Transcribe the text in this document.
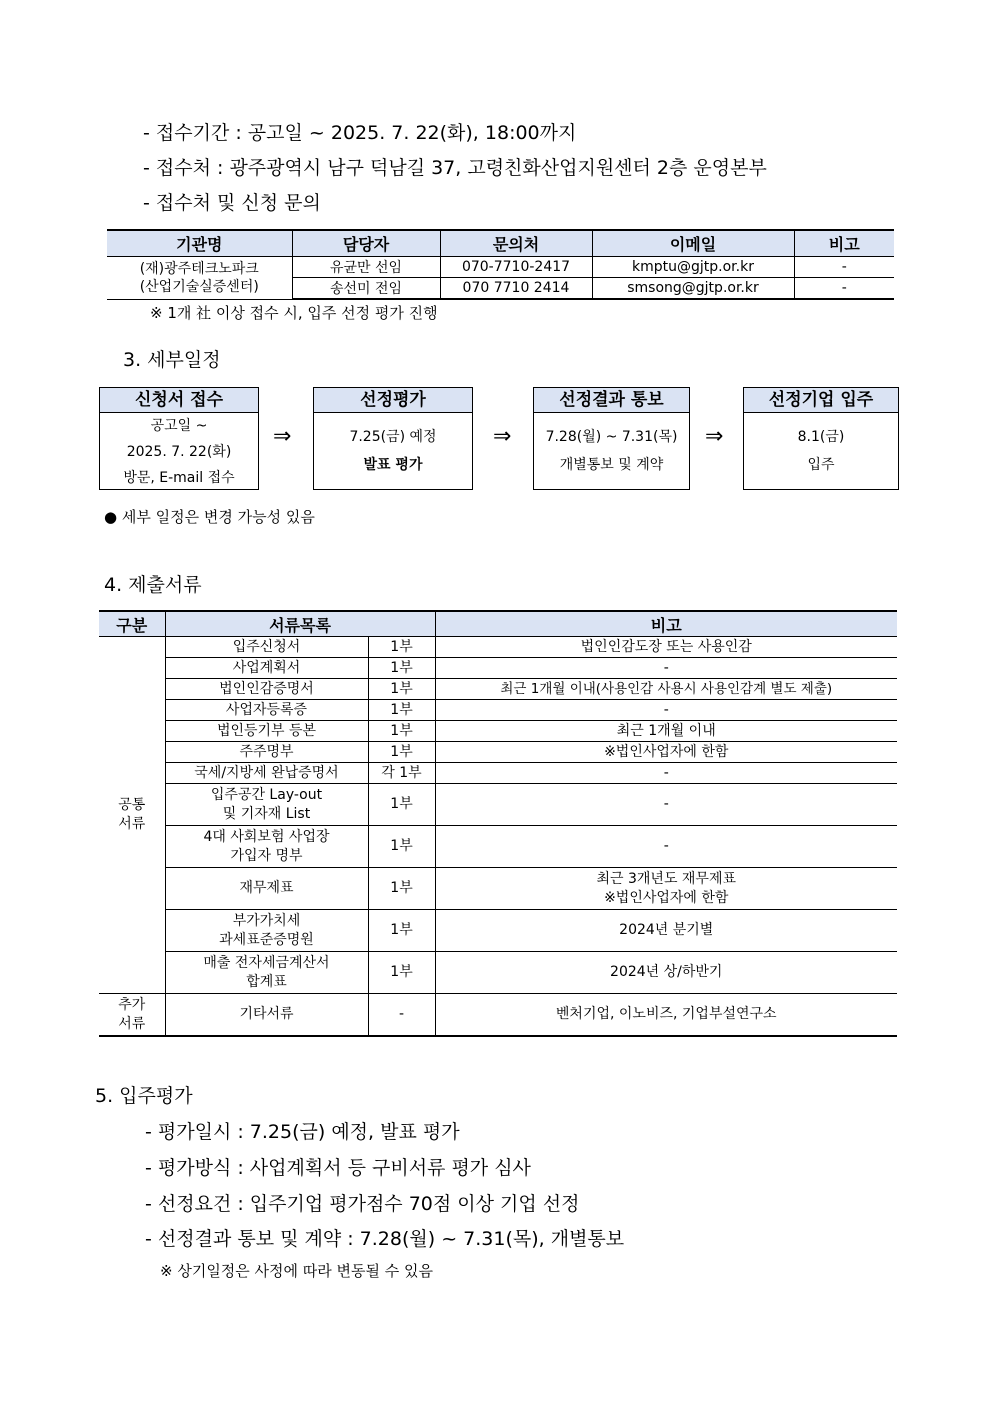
- 접수기간 : 공고일 ~ 2025. 7. 22(화), 18:00까지
- 접수처 : 광주광역시 남구 덕남길 37, 고령친화산업지원센터 2층 운영본부
- 접수처 및 신청 문의
기관명	담당자	문의처	이메일	비고

(재)광주테크노파크
(산업기술실증센터)	유균만 선임	070-7710-2417	kmptu@gjtp.or.kr	-
	송선미 전임	070 7710 2414	smsong@gjtp.or.kr	-
※ 1개 社 이상 접수 시, 입주 선정 평가 진행
3. 세부일정
신청서 접수
공고일 ~
2025. 7. 22(화)
방문, E-mail 접수
⇒
선정평가
7.25(금) 예정
발표 평가
⇒
선정결과 통보
7.28(월) ~ 7.31(목)
개별통보 및 계약
⇒
선정기업 입주
8.1(금)
입주
● 세부 일정은 변경 가능성 있음
4. 제출서류
구분	서류목록		비고

공통
서류	입주신청서	1부	법인인감도장 또는 사용인감
	사업계획서	1부	-
	법인인감증명서	1부	최근 1개월 이내(사용인감 사용시 사용인감계 별도 제출)
	사업자등록증	1부	-
	법인등기부 등본	1부	최근 1개월 이내
	주주명부	1부	※법인사업자에 한함
	국세/지방세 완납증명서	각 1부	-

	입주공간 Lay-out
및 기자재 List	1부	-

	4대 사회보험 사업장
가입자 명부	1부	-
	재무제표	1부	최근 3개년도 재무제표
※법인사업자에 한함

	부가가치세
과세표준증명원	1부	2024년 분기별

	매출 전자세금계산서
합계표	1부	2024년 상/하반기

추가
서류	기타서류	-	벤처기업, 이노비즈, 기업부설연구소
5. 입주평가
- 평가일시 : 7.25(금) 예정, 발표 평가
- 평가방식 : 사업계획서 등 구비서류 평가 심사
- 선정요건 : 입주기업 평가점수 70점 이상 기업 선정
- 선정결과 통보 및 계약 : 7.28(월) ~ 7.31(목), 개별통보
※ 상기일정은 사정에 따라 변동될 수 있음
